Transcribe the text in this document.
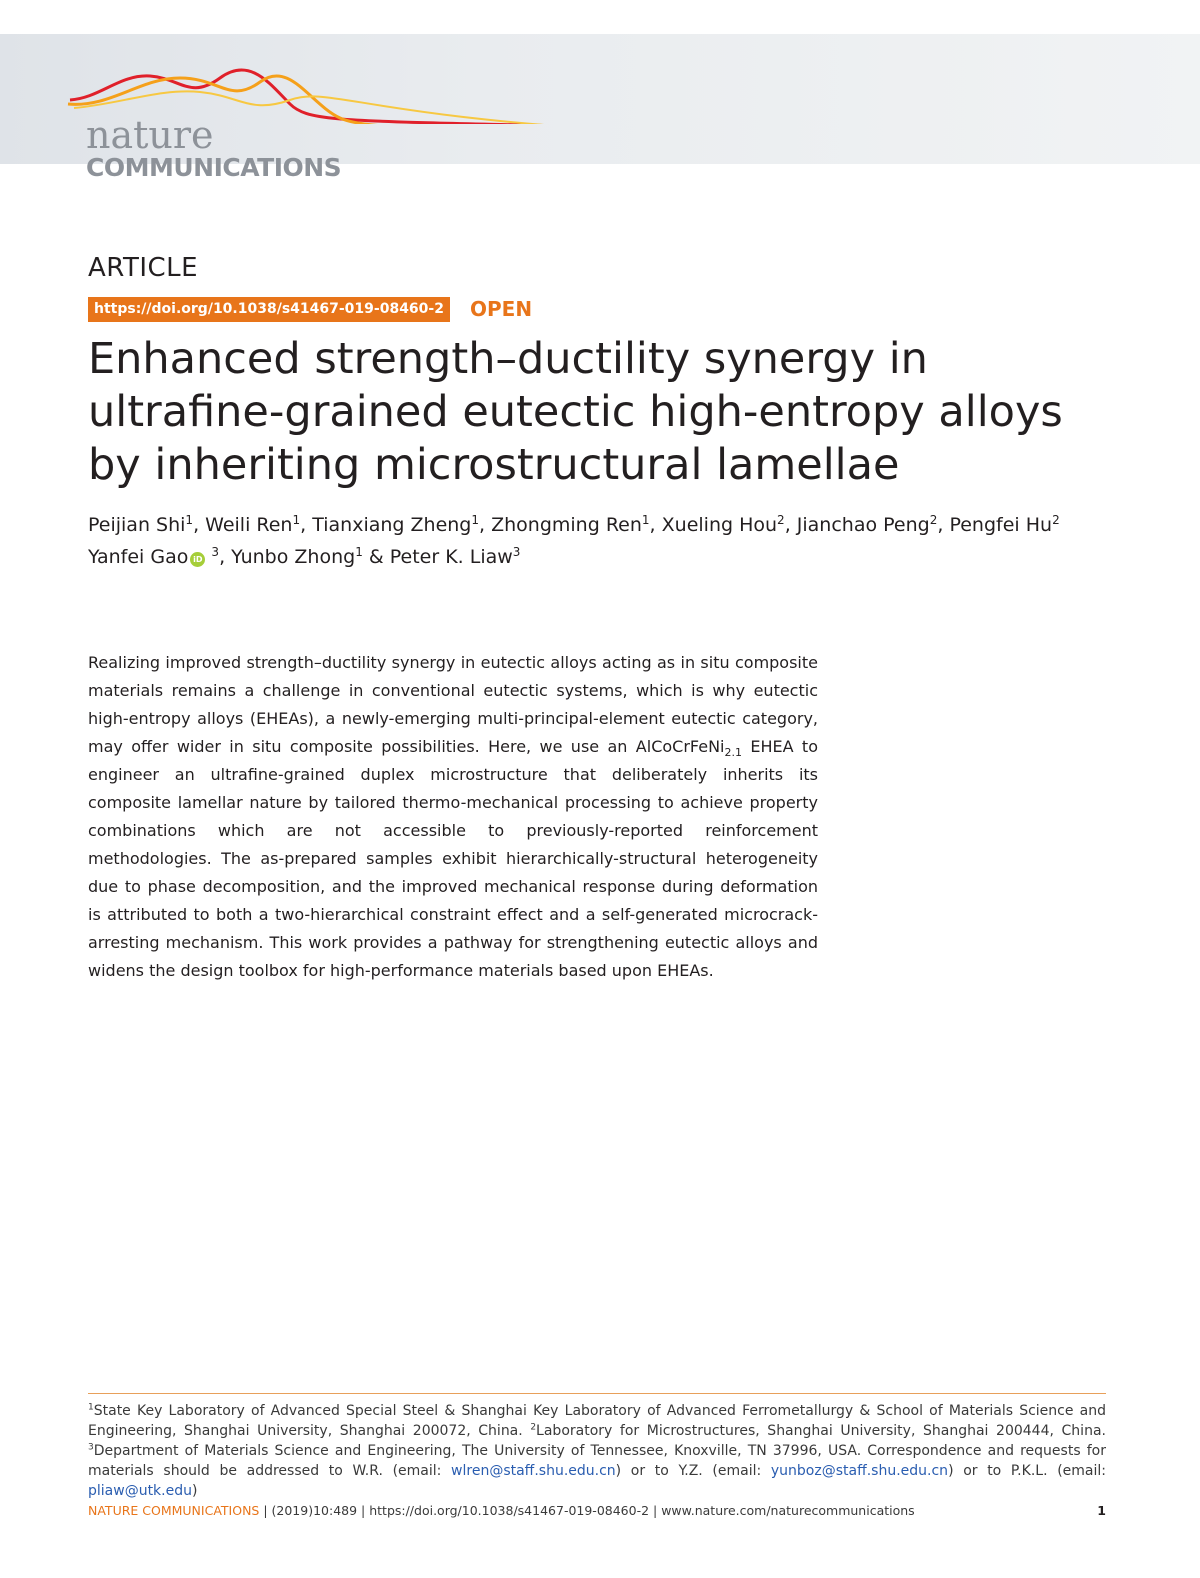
nature
COMMUNICATIONS
ARTICLE
https://doi.org/10.1038/s41467-019-08460-2	OPEN
Enhanced strength–ductility synergy in ultrafine-grained eutectic high-entropy alloys by inheriting microstructural lamellae
Peijian Shi$^1$, Weili Ren$^1$, Tianxiang Zheng$^1$, Zhongming Ren$^1$, Xueling Hou$^2$, Jianchao Peng$^2$, Pengfei Hu$^2$
Yanfei Gao iD $^3$, Yunbo Zhong$^1$ & Peter K. Liaw$^3$

Realizing improved strength–ductility synergy in eutectic alloys acting as in situ composite materials remains a challenge in conventional eutectic systems, which is why eutectic high-entropy alloys (EHEAs), a newly-emerging multi-principal-element eutectic category, may offer wider in situ composite possibilities. Here, we use an AlCoCrFeNi$_{2.1}$ EHEA to engineer an ultrafine-grained duplex microstructure that deliberately inherits its composite lamellar nature by tailored thermo-mechanical processing to achieve property combinations which are not accessible to previously-reported reinforcement methodologies. The as-prepared samples exhibit hierarchically-structural heterogeneity due to phase decomposition, and the improved mechanical response during deformation is attributed to both a two-hierarchical constraint effect and a self-generated microcrack-arresting mechanism. This work provides a pathway for strengthening eutectic alloys and widens the design toolbox for high-performance materials based upon EHEAs.

$^1$State Key Laboratory of Advanced Special Steel & Shanghai Key Laboratory of Advanced Ferrometallurgy & School of Materials Science and Engineering, Shanghai University, Shanghai 200072, China. $^2$Laboratory for Microstructures, Shanghai University, Shanghai 200444, China. $^3$Department of Materials Science and Engineering, The University of Tennessee, Knoxville, TN 37996, USA. Correspondence and requests for materials should be addressed to W.R. (email: wlren@staff.shu.edu.cn) or to Y.Z. (email: yunboz@staff.shu.edu.cn) or to P.K.L. (email: pliaw@utk.edu)

NATURE COMMUNICATIONS | (2019)10:489 | https://doi.org/10.1038/s41467-019-08460-2 | www.nature.com/naturecommunications	1
